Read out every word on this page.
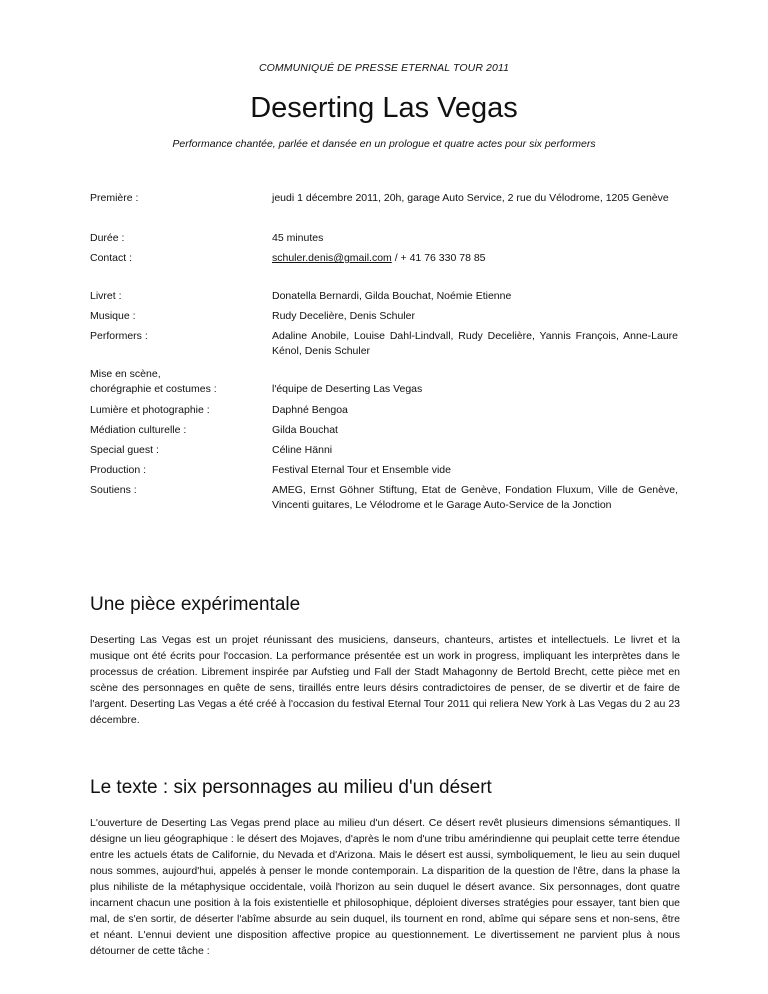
COMMUNIQUÉ DE PRESSE ETERNAL TOUR 2011
Deserting Las Vegas
Performance chantée, parlée et dansée en un prologue et quatre actes pour six performers
Première :	jeudi 1 décembre 2011, 20h, garage Auto Service, 2 rue du Vélodrome, 1205 Genève
Durée :	45 minutes
Contact :	schuler.denis@gmail.com / + 41 76 330 78 85
Livret :	Donatella Bernardi, Gilda Bouchat, Noémie Etienne
Musique :	Rudy Decelière, Denis Schuler
Performers :	Adaline Anobile, Louise Dahl-Lindvall, Rudy Decelière, Yannis François, Anne-Laure Kénol, Denis Schuler
Mise en scène,
chorégraphie et costumes :	l'équipe de Deserting Las Vegas
Lumière et photographie :	Daphné Bengoa
Médiation culturelle :	Gilda Bouchat
Special guest :	Céline Hänni
Production :	Festival Eternal Tour et Ensemble vide
Soutiens :	AMEG, Ernst Göhner Stiftung, Etat de Genève, Fondation Fluxum, Ville de Genève, Vincenti guitares, Le Vélodrome et le Garage Auto-Service de la Jonction
Une pièce expérimentale

Deserting Las Vegas est un projet réunissant des musiciens, danseurs, chanteurs, artistes et intellectuels. Le livret et la musique ont été écrits pour l'occasion. La performance présentée est un work in progress, impliquant les interprètes dans le processus de création. Librement inspirée par Aufstieg und Fall der Stadt Mahagonny de Bertold Brecht, cette pièce met en scène des personnages en quête de sens, tiraillés entre leurs désirs contradictoires de penser, de se divertir et de faire de l'argent. Deserting Las Vegas a été créé à l'occasion du festival Eternal Tour 2011 qui reliera New York à Las Vegas du 2 au 23 décembre.

Le texte : six personnages au milieu d'un désert

L'ouverture de Deserting Las Vegas prend place au milieu d'un désert. Ce désert revêt plusieurs dimensions sémantiques. Il désigne un lieu géographique : le désert des Mojaves, d'après le nom d'une tribu amérindienne qui peuplait cette terre étendue entre les actuels états de Californie, du Nevada et d'Arizona. Mais le désert est aussi, symboliquement, le lieu au sein duquel nous sommes, aujourd'hui, appelés à penser le monde contemporain. La disparition de la question de l'être, dans la phase la plus nihiliste de la métaphysique occidentale, voilà l'horizon au sein duquel le désert avance. Six personnages, dont quatre incarnent chacun une position à la fois existentielle et philosophique, déploient diverses stratégies pour essayer, tant bien que mal, de s'en sortir, de déserter l'abîme absurde au sein duquel, ils tournent en rond, abîme qui sépare sens et non-sens, être et néant. L'ennui devient une disposition affective propice au questionnement. Le divertissement ne parvient plus à nous détourner de cette tâche :
